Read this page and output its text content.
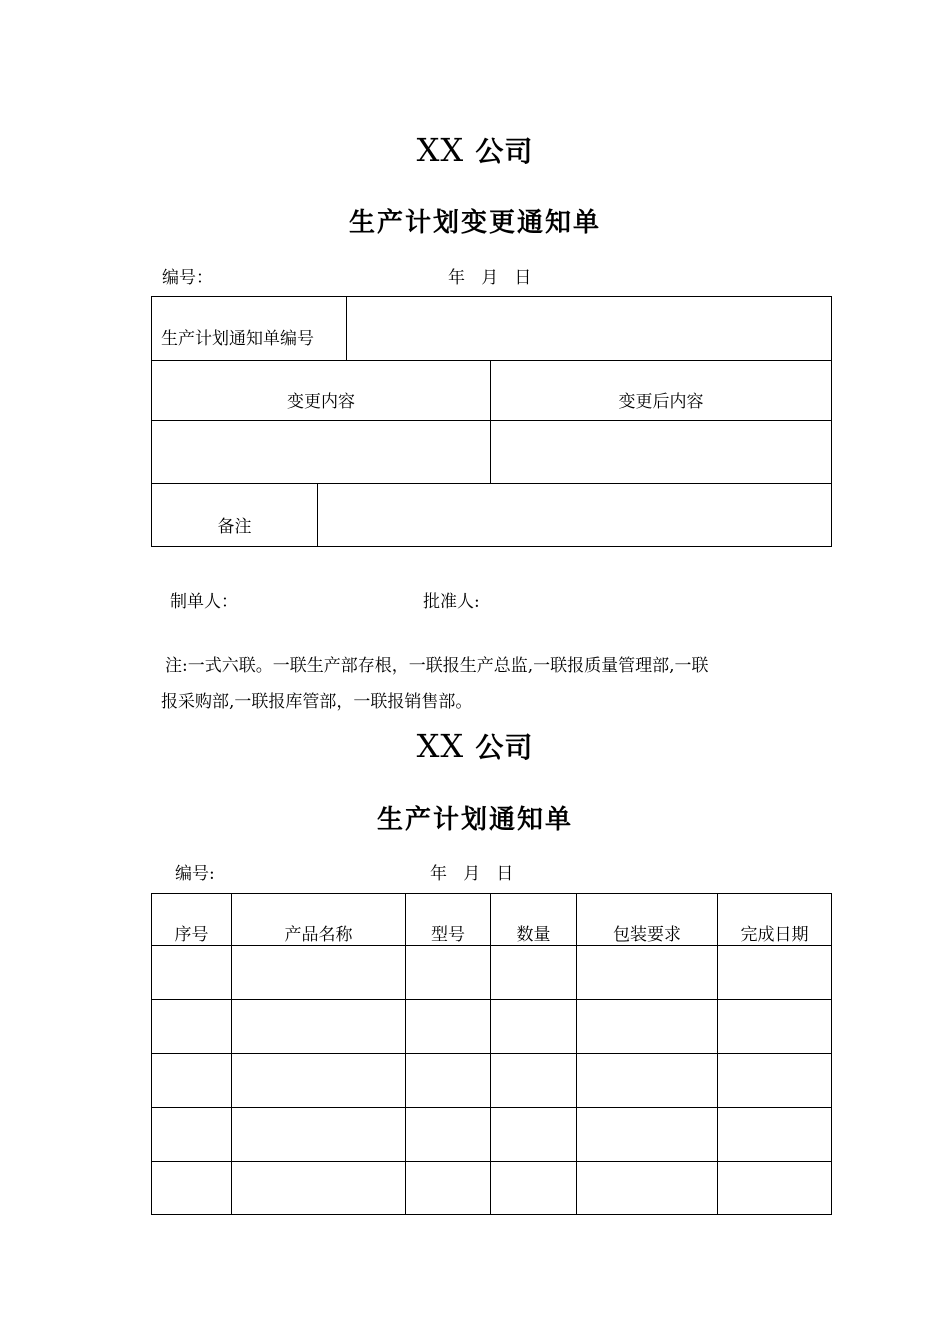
XX 公司
生产计划变更通知单
编号：	年   月   日
生产计划通知单编号			
变更内容			变更后内容

备注			
制单人：	批准人:
注:一式六联。一联生产部存根，一联报生产总监,一联报质量管理部,一联
报采购部,一联报库管部，一联报销售部。
XX 公司
生产计划通知单
编号:	年   月   日
序号	产品名称	型号	数量	包装要求	完成日期
